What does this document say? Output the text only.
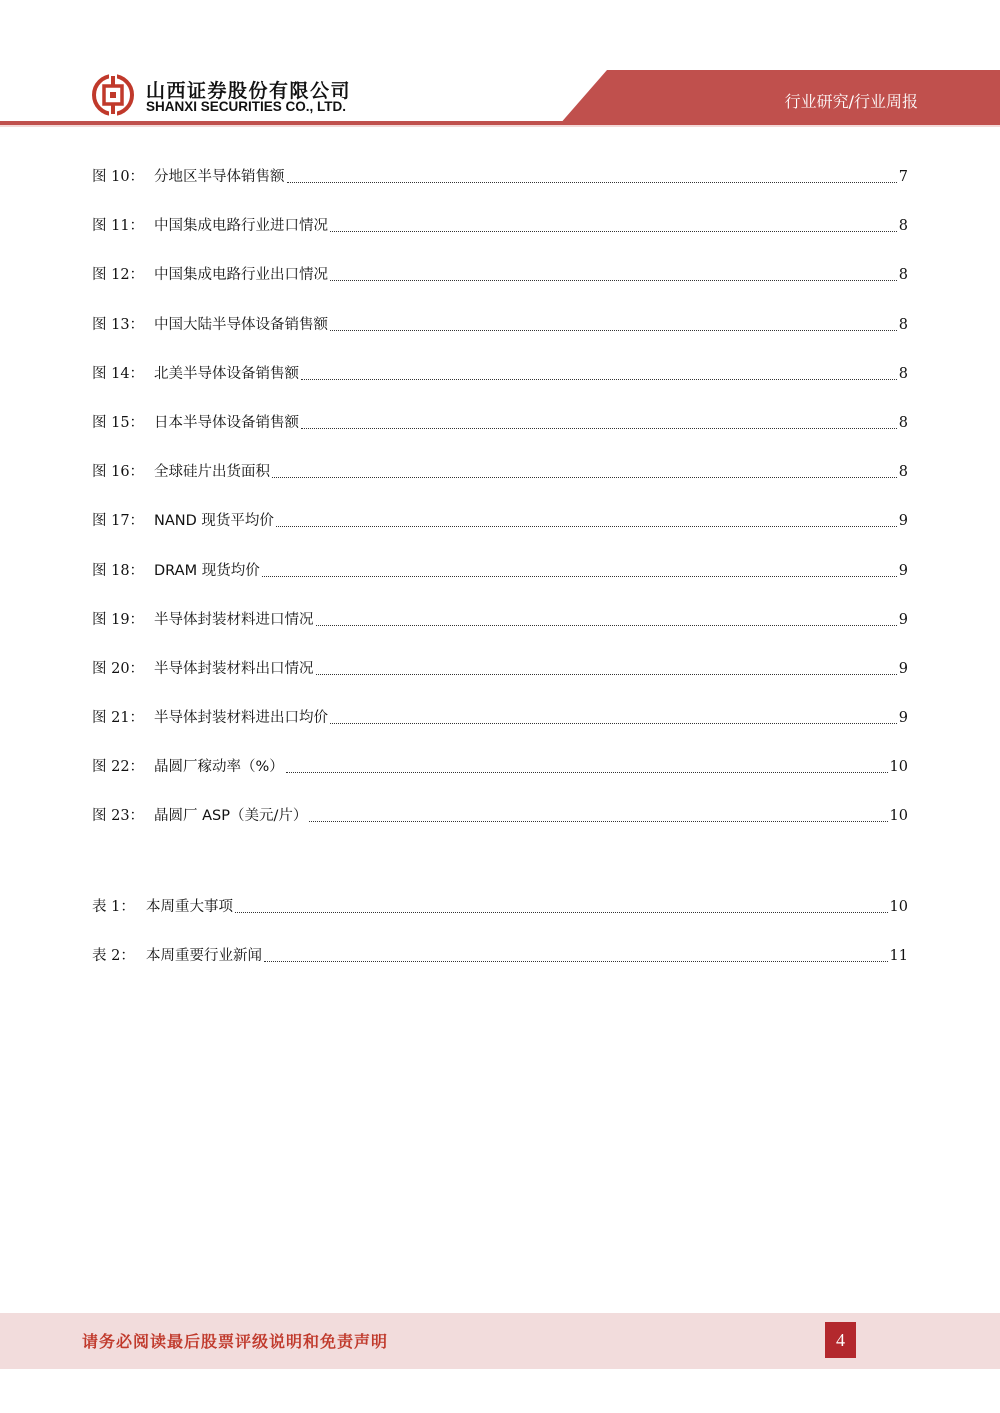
山西证券股份有限公司
SHANXI SECURITIES CO., LTD.	行业研究/行业周报
图 10： 分地区半导体销售额	7
图 11： 中国集成电路行业进口情况	8
图 12： 中国集成电路行业出口情况	8
图 13： 中国大陆半导体设备销售额	8
图 14： 北美半导体设备销售额	8
图 15： 日本半导体设备销售额	8
图 16： 全球硅片出货面积	8
图 17： NAND 现货平均价	9
图 18： DRAM 现货均价	9
图 19： 半导体封装材料进口情况	9
图 20： 半导体封装材料出口情况	9
图 21： 半导体封装材料进出口均价	9
图 22： 晶圆厂稼动率（%）	10
图 23： 晶圆厂 ASP（美元/片）	10
表 1： 本周重大事项	10
表 2： 本周重要行业新闻	11
请务必阅读最后股票评级说明和免责声明	4
